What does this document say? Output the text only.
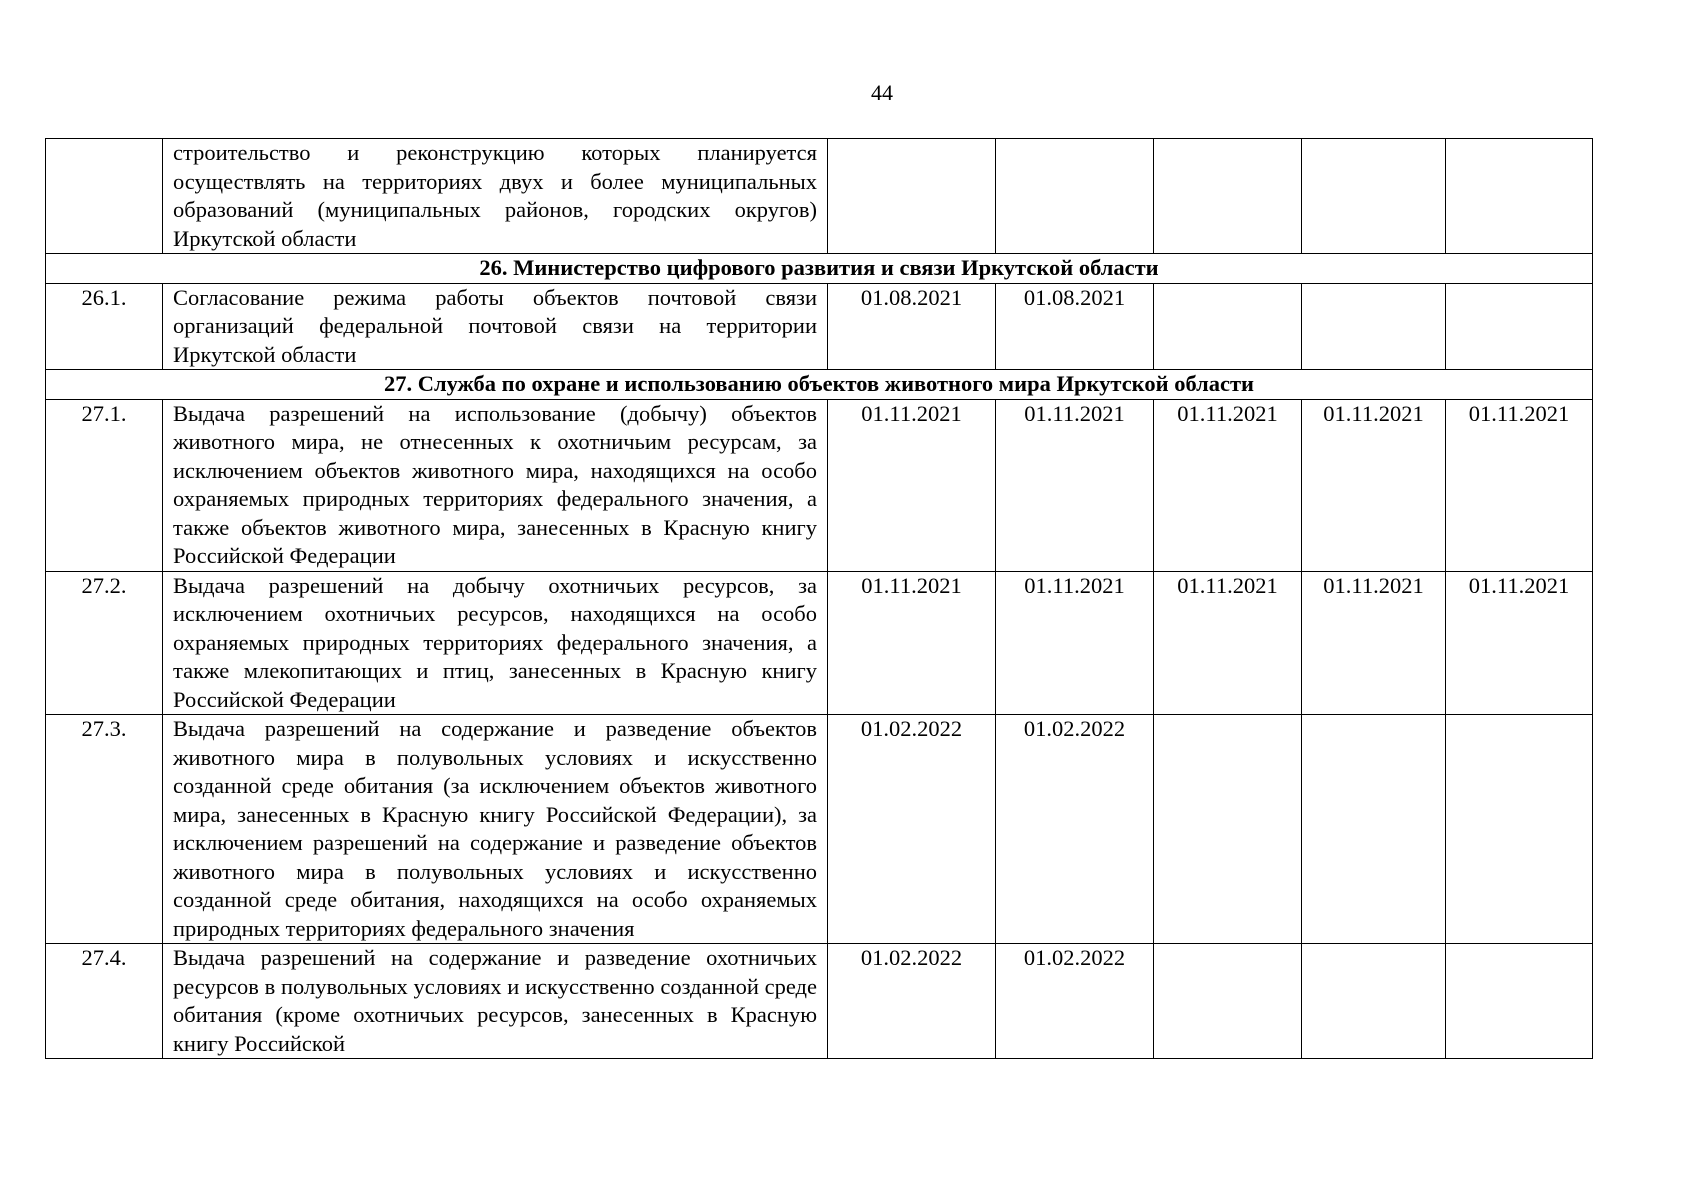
44
	строительство и реконструкцию которых планируется осуществлять на территориях двух и более муниципальных образований (муниципальных районов, городских округов) Иркутской области					
26. Министерство цифрового развития и связи Иркутской области						
26.1.	Согласование режима работы объектов почтовой связи организаций федеральной почтовой связи на территории Иркутской области	01.08.2021	01.08.2021			
27. Служба по охране и использованию объектов животного мира Иркутской области						
27.1.	Выдача разрешений на использование (добычу) объектов животного мира, не отнесенных к охотничьим ресурсам, за исключением объектов животного мира, находящихся на особо охраняемых природных территориях федерального значения, а также объектов животного мира, занесенных в Красную книгу Российской Федерации	01.11.2021	01.11.2021	01.11.2021	01.11.2021	01.11.2021
27.2.	Выдача разрешений на добычу охотничьих ресурсов, за исключением охотничьих ресурсов, находящихся на особо охраняемых природных территориях федерального значения, а также млекопитающих и птиц, занесенных в Красную книгу Российской Федерации	01.11.2021	01.11.2021	01.11.2021	01.11.2021	01.11.2021
27.3.	Выдача разрешений на содержание и разведение объектов животного мира в полувольных условиях и искусственно созданной среде обитания (за исключением объектов животного мира, занесенных в Красную книгу Российской Федерации), за исключением разрешений на содержание и разведение объектов животного мира в полувольных условиях и искусственно созданной среде обитания, находящихся на особо охраняемых природных территориях федерального значения	01.02.2022	01.02.2022			
27.4.	Выдача разрешений на содержание и разведение охотничьих ресурсов в полувольных условиях и искусственно созданной среде обитания (кроме охотничьих ресурсов, занесенных в Красную книгу Российской	01.02.2022	01.02.2022			
